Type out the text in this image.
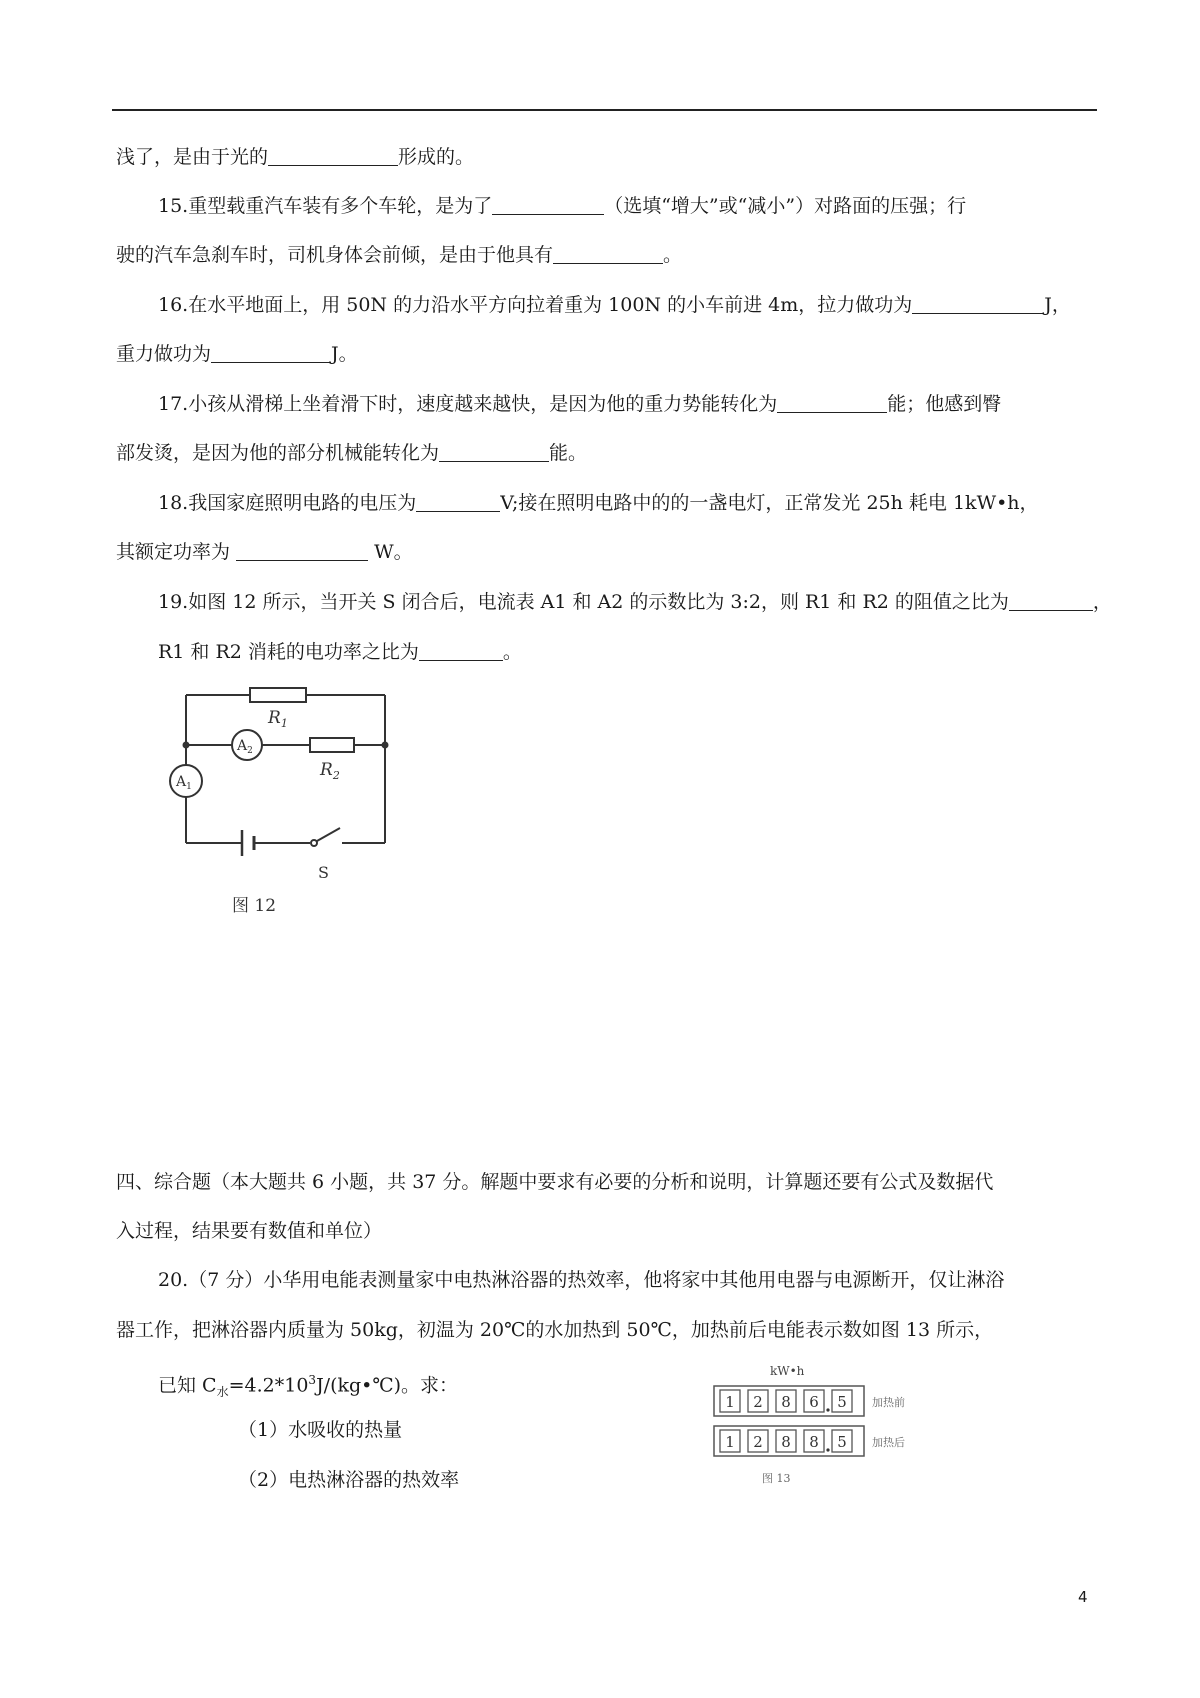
浅了，是由于光的	形成的。
15.重型载重汽车装有多个车轮，是为了	（选填“增大”或“减小”）对路面的压强；行
驶的汽车急刹车时，司机身体会前倾，是由于他具有	。
16.在水平地面上，用 50N 的力沿水平方向拉着重为 100N 的小车前进 4m，拉力做功为	J，
重力做功为	J。
17.小孩从滑梯上坐着滑下时，速度越来越快，是因为他的重力势能转化为	能；他感到臀
部发烫，是因为他的部分机械能转化为	能。
18.我国家庭照明电路的电压为	V;接在照明电路中的的一盏电灯，正常发光 25h 耗电 1kW•h，
其额定功率为	W。
19.如图 12 所示，当开关 S 闭合后，电流表 A1 和 A2 的示数比为 3:2，则 R1 和 R2 的阻值之比为	，
R1 和 R2 消耗的电功率之比为	。
$R_1$
$R_2$
$A_2$
$A_1$
S
图 12
四、综合题（本大题共 6 小题，共 37 分。解题中要求有必要的分析和说明，计算题还要有公式及数据代
入过程，结果要有数值和单位）
20.（7 分）小华用电能表测量家中电热淋浴器的热效率，他将家中其他用电器与电源断开，仅让淋浴
器工作，把淋浴器内质量为 50kg，初温为 20℃的水加热到 50℃，加热前后电能表示数如图 13 所示，
已知 $C_水=4.2*10^3J/(kg•℃)$。求：
（1）水吸收的热量
（2）电热淋浴器的热效率
kW•h
1 2 8 6 5
1 2 8 8 5
加热前
加热后
图 13
4
